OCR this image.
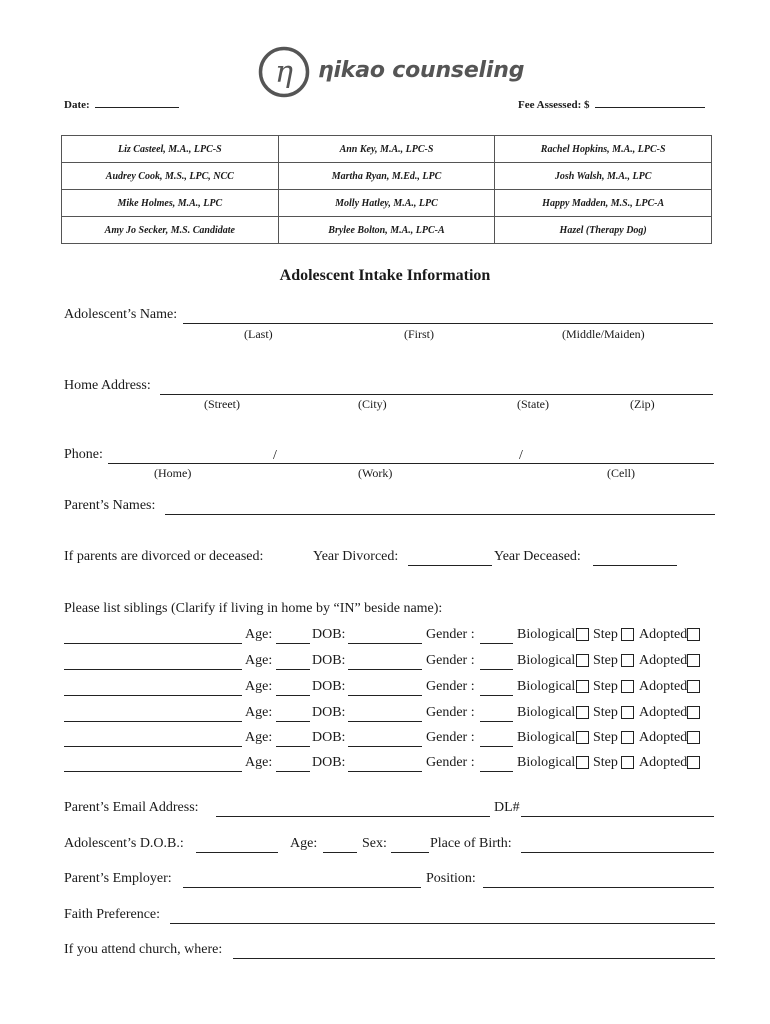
η ηikao counseling
Date:	Fee Assessed: $
Liz Casteel, M.A., LPC-S	Ann Key, M.A., LPC-S	Rachel Hopkins, M.A., LPC-S
Audrey Cook, M.S., LPC, NCC	Martha Ryan, M.Ed., LPC	Josh Walsh, M.A., LPC
Mike Holmes, M.A., LPC	Molly Hatley, M.A., LPC	Happy Madden, M.S., LPC-A
Amy Jo Secker, M.S. Candidate	Brylee Bolton, M.A., LPC-A	Hazel (Therapy Dog)
Adolescent Intake Information
Adolescent’s Name:
(Last)	(First)	(Middle/Maiden)
Home Address:
(Street)	(City)	(State)	(Zip)
Phone:	/	/
(Home)	(Work)	(Cell)
Parent’s Names:
If parents are divorced or deceased:	Year Divorced:	Year Deceased:
Please list siblings (Clarify if living in home by “IN” beside name):
Age:	DOB:	Gender :	Biological Step Adopted
Age:	DOB:	Gender :	Biological Step Adopted
Age:	DOB:	Gender :	Biological Step Adopted
Age:	DOB:	Gender :	Biological Step Adopted
Age:	DOB:	Gender :	Biological Step Adopted
Age:	DOB:	Gender :	Biological Step Adopted
Parent’s Email Address:	DL#
Adolescent’s D.O.B.:	Age:	Sex:	Place of Birth:
Parent’s Employer:	Position:
Faith Preference:
If you attend church, where:
